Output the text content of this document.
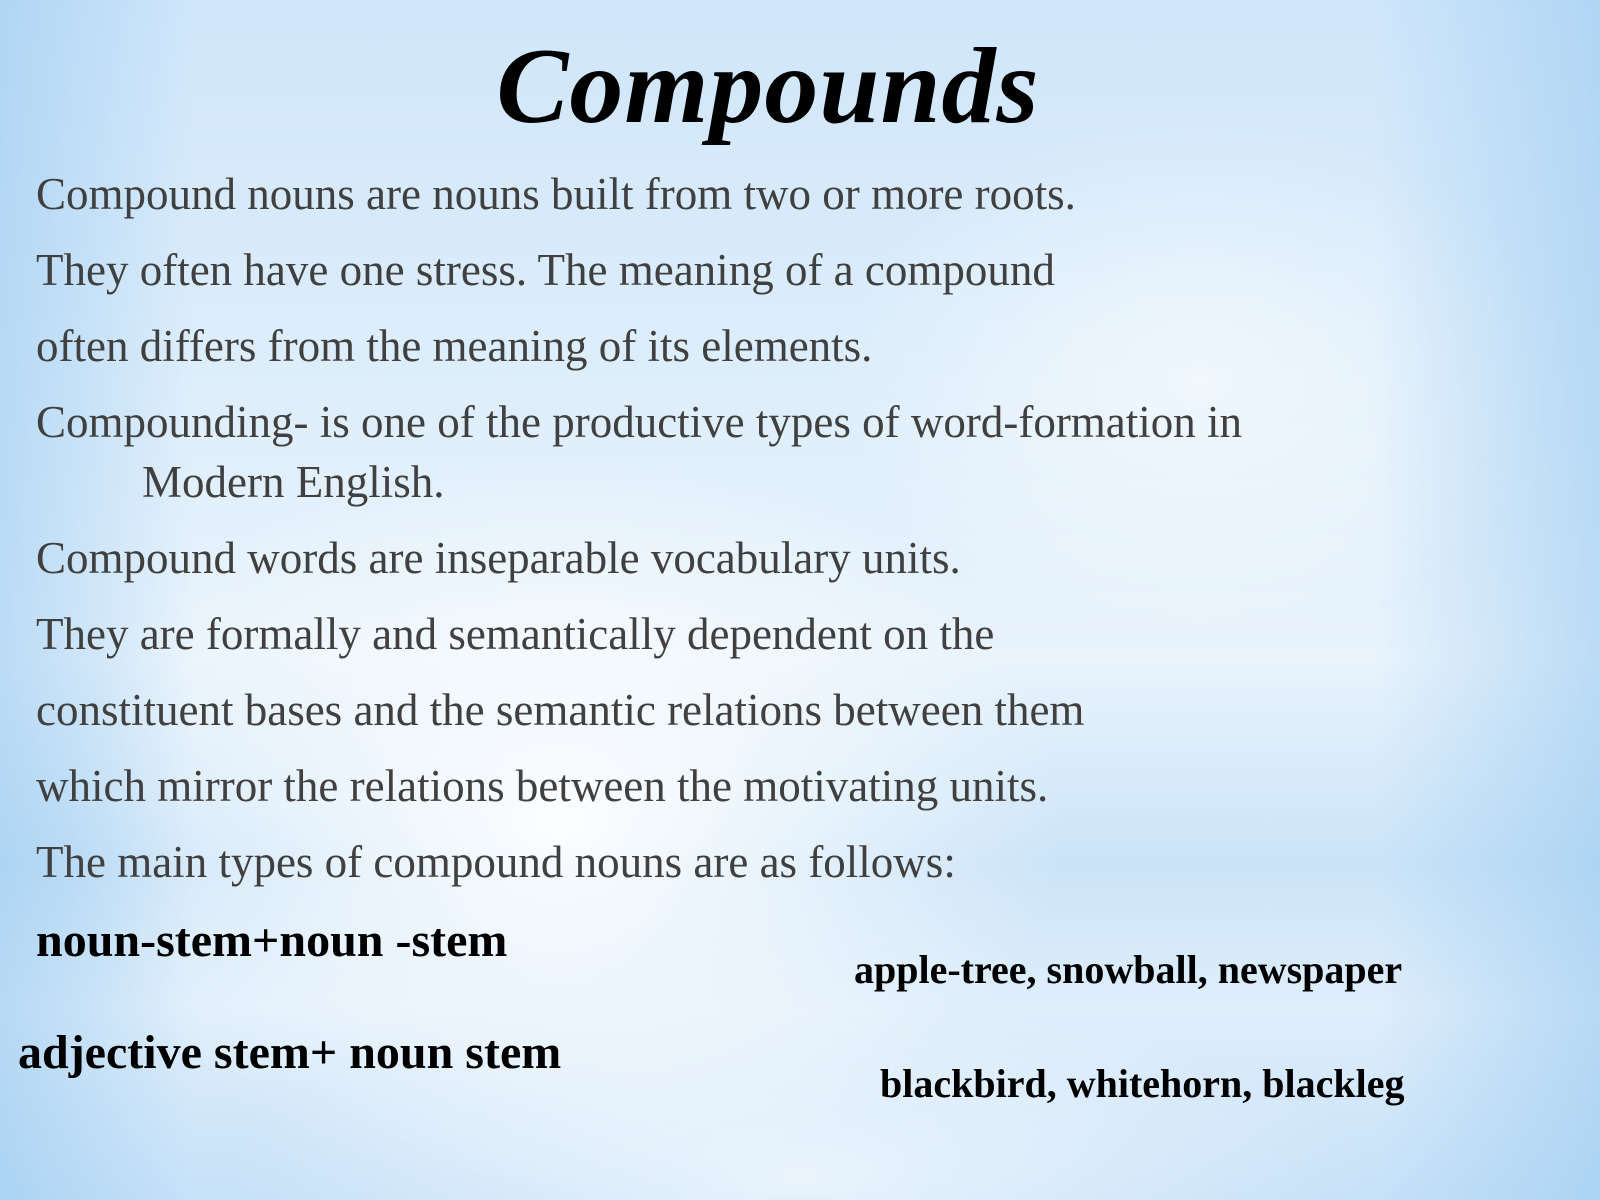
Compounds
Compound nouns are nouns built from two or more roots.
They often have one stress. The meaning of a compound
often differs from the meaning of its elements.
Compounding- is one of the productive types of word-formation in
Modern English.
Compound words are inseparable vocabulary units.
They are formally and semantically dependent on the
constituent bases and the semantic relations between them
which mirror the relations between the motivating units.
The main types of compound nouns are as follows:
noun-stem+noun -stem
apple-tree, snowball, newspaper
adjective stem+ noun stem
blackbird, whitehorn, blackleg
